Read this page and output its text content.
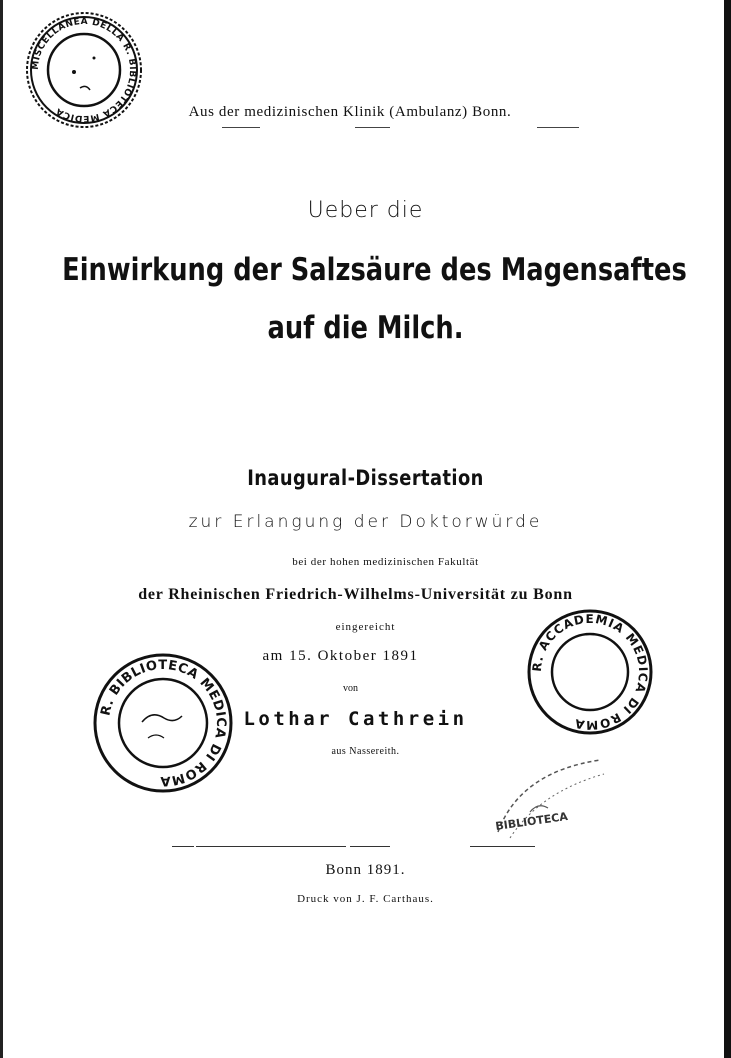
MISCELLANEA DELLA R. BIBLIOTECA MEDICA	Aus der medizinischen Klinik (Ambulanz) Bonn.
Ueber die
Einwirkung der Salzsäure des Magensaftes
auf die Milch.
Inaugural-Dissertation
zur Erlangung der Doktorwürde
bei der hohen medizinischen Fakultät
der Rheinischen Friedrich-Wilhelms-Universität zu Bonn
eingereicht
am 15. Oktober 1891
von
Lothar Cathrein
aus Nassereith.
R. BIBLIOTECA MEDICA DI ROMA
R. ACCADEMIA MEDICA DI ROMA
BIBLIOTECA
Bonn 1891.
Druck von J. F. Carthaus.
